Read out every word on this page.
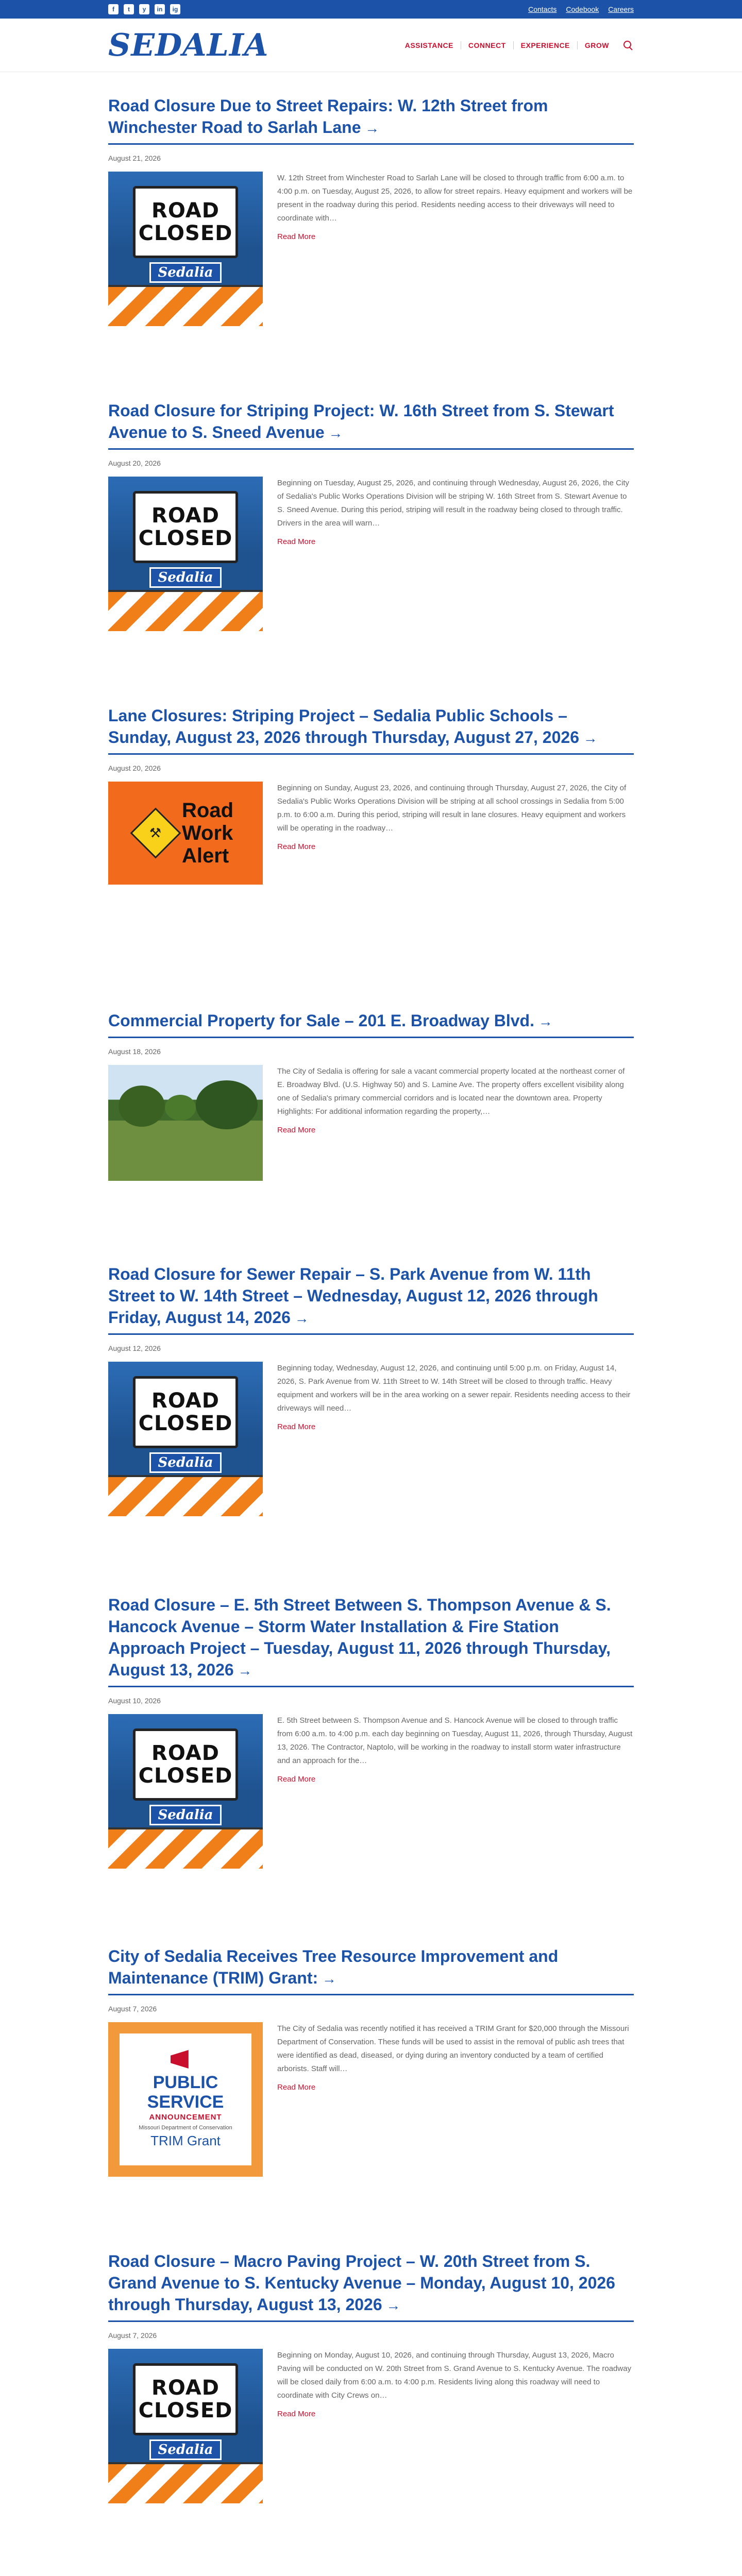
f	t	y	in	ig	Contacts Codebook Careers
SEDALIA	ASSISTANCE	CONNECT	EXPERIENCE	GROW
Road Closure Due to Street Repairs: W. 12th Street from Winchester Road to Sarlah Lane →
August 21, 2026
ROAD
CLOSED
Sedalia

W. 12th Street from Winchester Road to Sarlah Lane will be closed to through traffic from 6:00 a.m. to 4:00 p.m. on Tuesday, August 25, 2026, to allow for street repairs. Heavy equipment and workers will be present in the roadway during this period. Residents needing access to their driveways will need to coordinate with…

Read More
Road Closure for Striping Project: W. 16th Street from S. Stewart Avenue to S. Sneed Avenue →
August 20, 2026
ROAD
CLOSED
Sedalia

Beginning on Tuesday, August 25, 2026, and continuing through Wednesday, August 26, 2026, the City of Sedalia's Public Works Operations Division will be striping W. 16th Street from S. Stewart Avenue to S. Sneed Avenue. During this period, striping will result in the roadway being closed to through traffic. Drivers in the area will warn…

Read More
Lane Closures: Striping Project – Sedalia Public Schools – Sunday, August 23, 2026 through Thursday, August 27, 2026 →
August 20, 2026
⚒
Road
Work
Alert

Beginning on Sunday, August 23, 2026, and continuing through Thursday, August 27, 2026, the City of Sedalia's Public Works Operations Division will be striping at all school crossings in Sedalia from 5:00 p.m. to 6:00 a.m. During this period, striping will result in lane closures. Heavy equipment and workers will be operating in the roadway…

Read More
Commercial Property for Sale – 201 E. Broadway Blvd. →
August 18, 2026

The City of Sedalia is offering for sale a vacant commercial property located at the northeast corner of E. Broadway Blvd. (U.S. Highway 50) and S. Lamine Ave. The property offers excellent visibility along one of Sedalia's primary commercial corridors and is located near the downtown area. Property Highlights: For additional information regarding the property,…

Read More
Road Closure for Sewer Repair – S. Park Avenue from W. 11th Street to W. 14th Street – Wednesday, August 12, 2026 through Friday, August 14, 2026 →
August 12, 2026
ROAD
CLOSED
Sedalia

Beginning today, Wednesday, August 12, 2026, and continuing until 5:00 p.m. on Friday, August 14, 2026, S. Park Avenue from W. 11th Street to W. 14th Street will be closed to through traffic. Heavy equipment and workers will be in the area working on a sewer repair. Residents needing access to their driveways will need…

Read More
Road Closure – E. 5th Street Between S. Thompson Avenue & S. Hancock Avenue – Storm Water Installation & Fire Station Approach Project – Tuesday, August 11, 2026 through Thursday, August 13, 2026 →
August 10, 2026
ROAD
CLOSED
Sedalia

E. 5th Street between S. Thompson Avenue and S. Hancock Avenue will be closed to through traffic from 6:00 a.m. to 4:00 p.m. each day beginning on Tuesday, August 11, 2026, through Thursday, August 13, 2026. The Contractor, Naptolo, will be working in the roadway to install storm water infrastructure and an approach for the…

Read More
City of Sedalia Receives Tree Resource Improvement and Maintenance (TRIM) Grant: →
August 7, 2026
PUBLIC
SERVICE
ANNOUNCEMENT
Missouri Department of Conservation
TRIM Grant

The City of Sedalia was recently notified it has received a TRIM Grant for $20,000 through the Missouri Department of Conservation. These funds will be used to assist in the removal of public ash trees that were identified as dead, diseased, or dying during an inventory conducted by a team of certified arborists. Staff will…

Read More
Road Closure – Macro Paving Project – W. 20th Street from S. Grand Avenue to S. Kentucky Avenue – Monday, August 10, 2026 through Thursday, August 13, 2026 →
August 7, 2026
ROAD
CLOSED
Sedalia

Beginning on Monday, August 10, 2026, and continuing through Thursday, August 13, 2026, Macro Paving will be conducted on W. 20th Street from S. Grand Avenue to S. Kentucky Avenue. The roadway will be closed daily from 6:00 a.m. to 4:00 p.m. Residents living along this roadway will need to coordinate with City Crews on…

Read More
